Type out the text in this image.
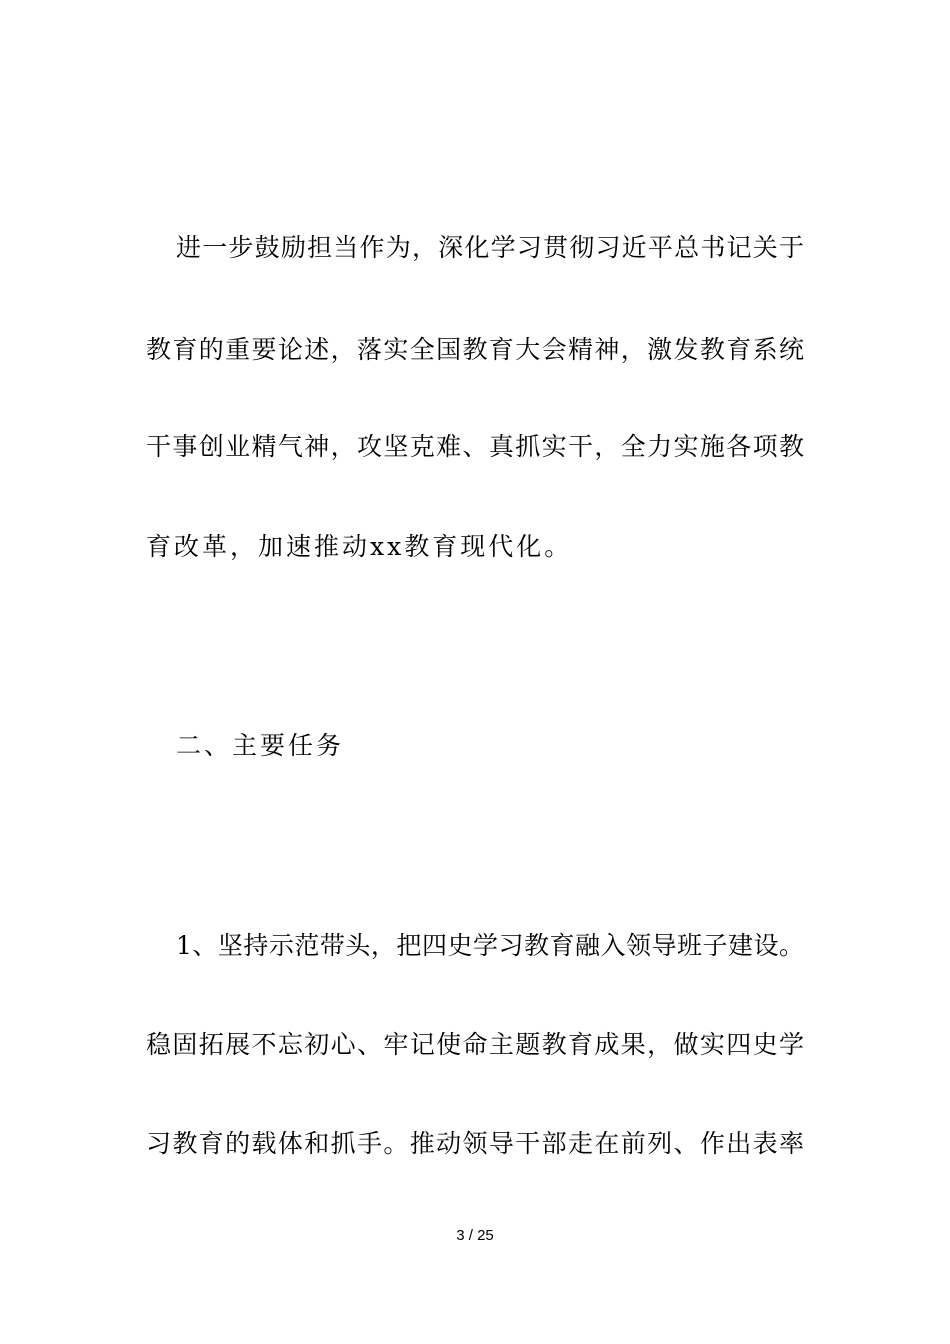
进一步鼓励担当作为，深化学习贯彻习近平总书记关于
教育的重要论述，落实全国教育大会精神，激发教育系统
干事创业精气神，攻坚克难、真抓实干，全力实施各项教
育改革，加速推动xx教育现代化。
二、主要任务
1、坚持示范带头，把四史学习教育融入领导班子建设。
稳固拓展不忘初心、牢记使命主题教育成果，做实四史学
习教育的载体和抓手。推动领导干部走在前列、作出表率
3 / 25
